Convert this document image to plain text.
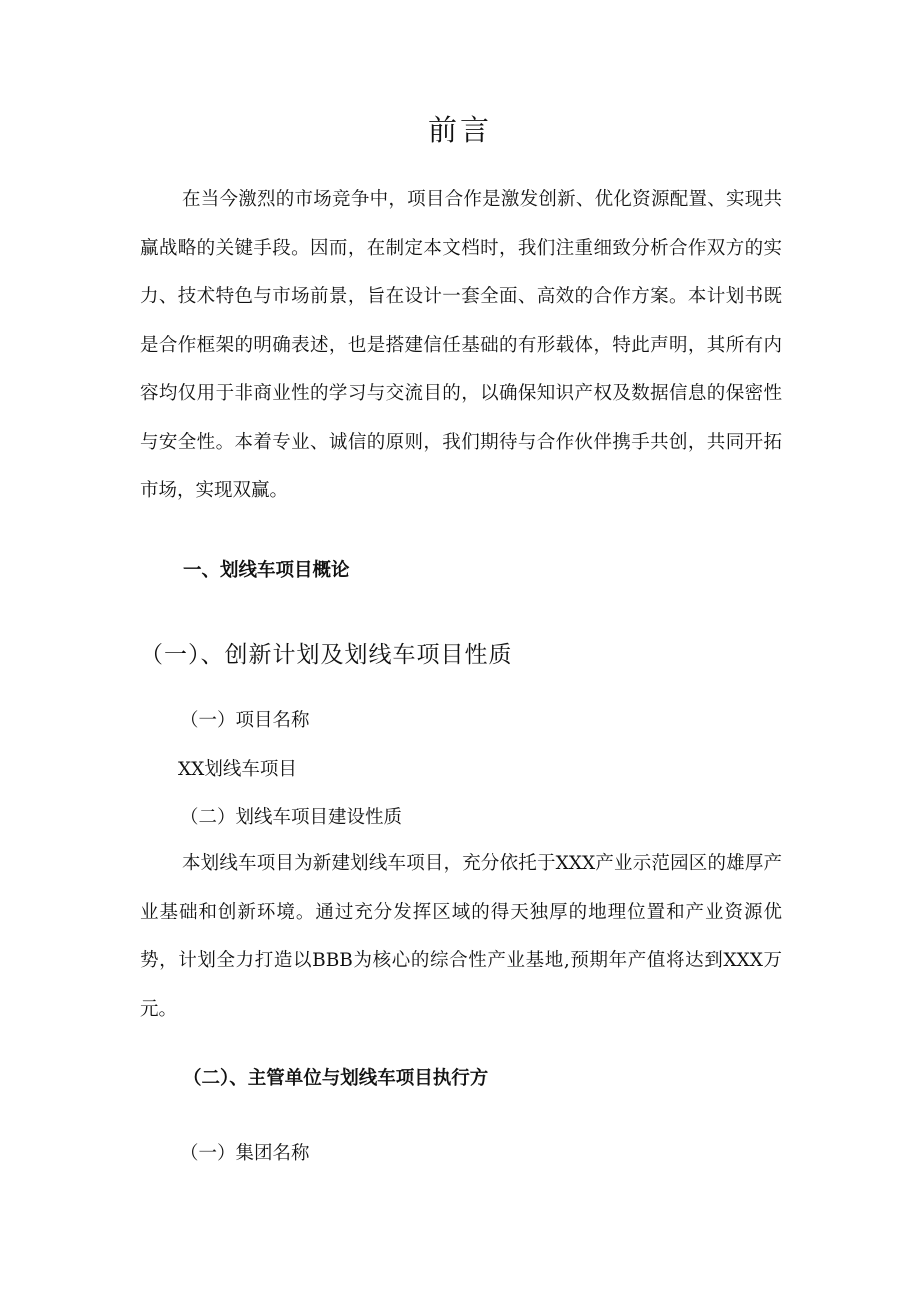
前言

在当今激烈的市场竞争中，项目合作是激发创新、优化资源配置、实现共赢战略的关键手段。因而，在制定本文档时，我们注重细致分析合作双方的实力、技术特色与市场前景，旨在设计一套全面、高效的合作方案。本计划书既是合作框架的明确表述，也是搭建信任基础的有形载体，特此声明，其所有内容均仅用于非商业性的学习与交流目的，以确保知识产权及数据信息的保密性与安全性。本着专业、诚信的原则，我们期待与合作伙伴携手共创，共同开拓市场，实现双赢。

一、划线车项目概论
（一）、创新计划及划线车项目性质
（一）项目名称
XX划线车项目
（二）划线车项目建设性质

本划线车项目为新建划线车项目，充分依托于XXX产业示范园区的雄厚产业基础和创新环境。通过充分发挥区域的得天独厚的地理位置和产业资源优势，计划全力打造以BBB为核心的综合性产业基地,预期年产值将达到XXX万元。

（二）、主管单位与划线车项目执行方
（一）集团名称
